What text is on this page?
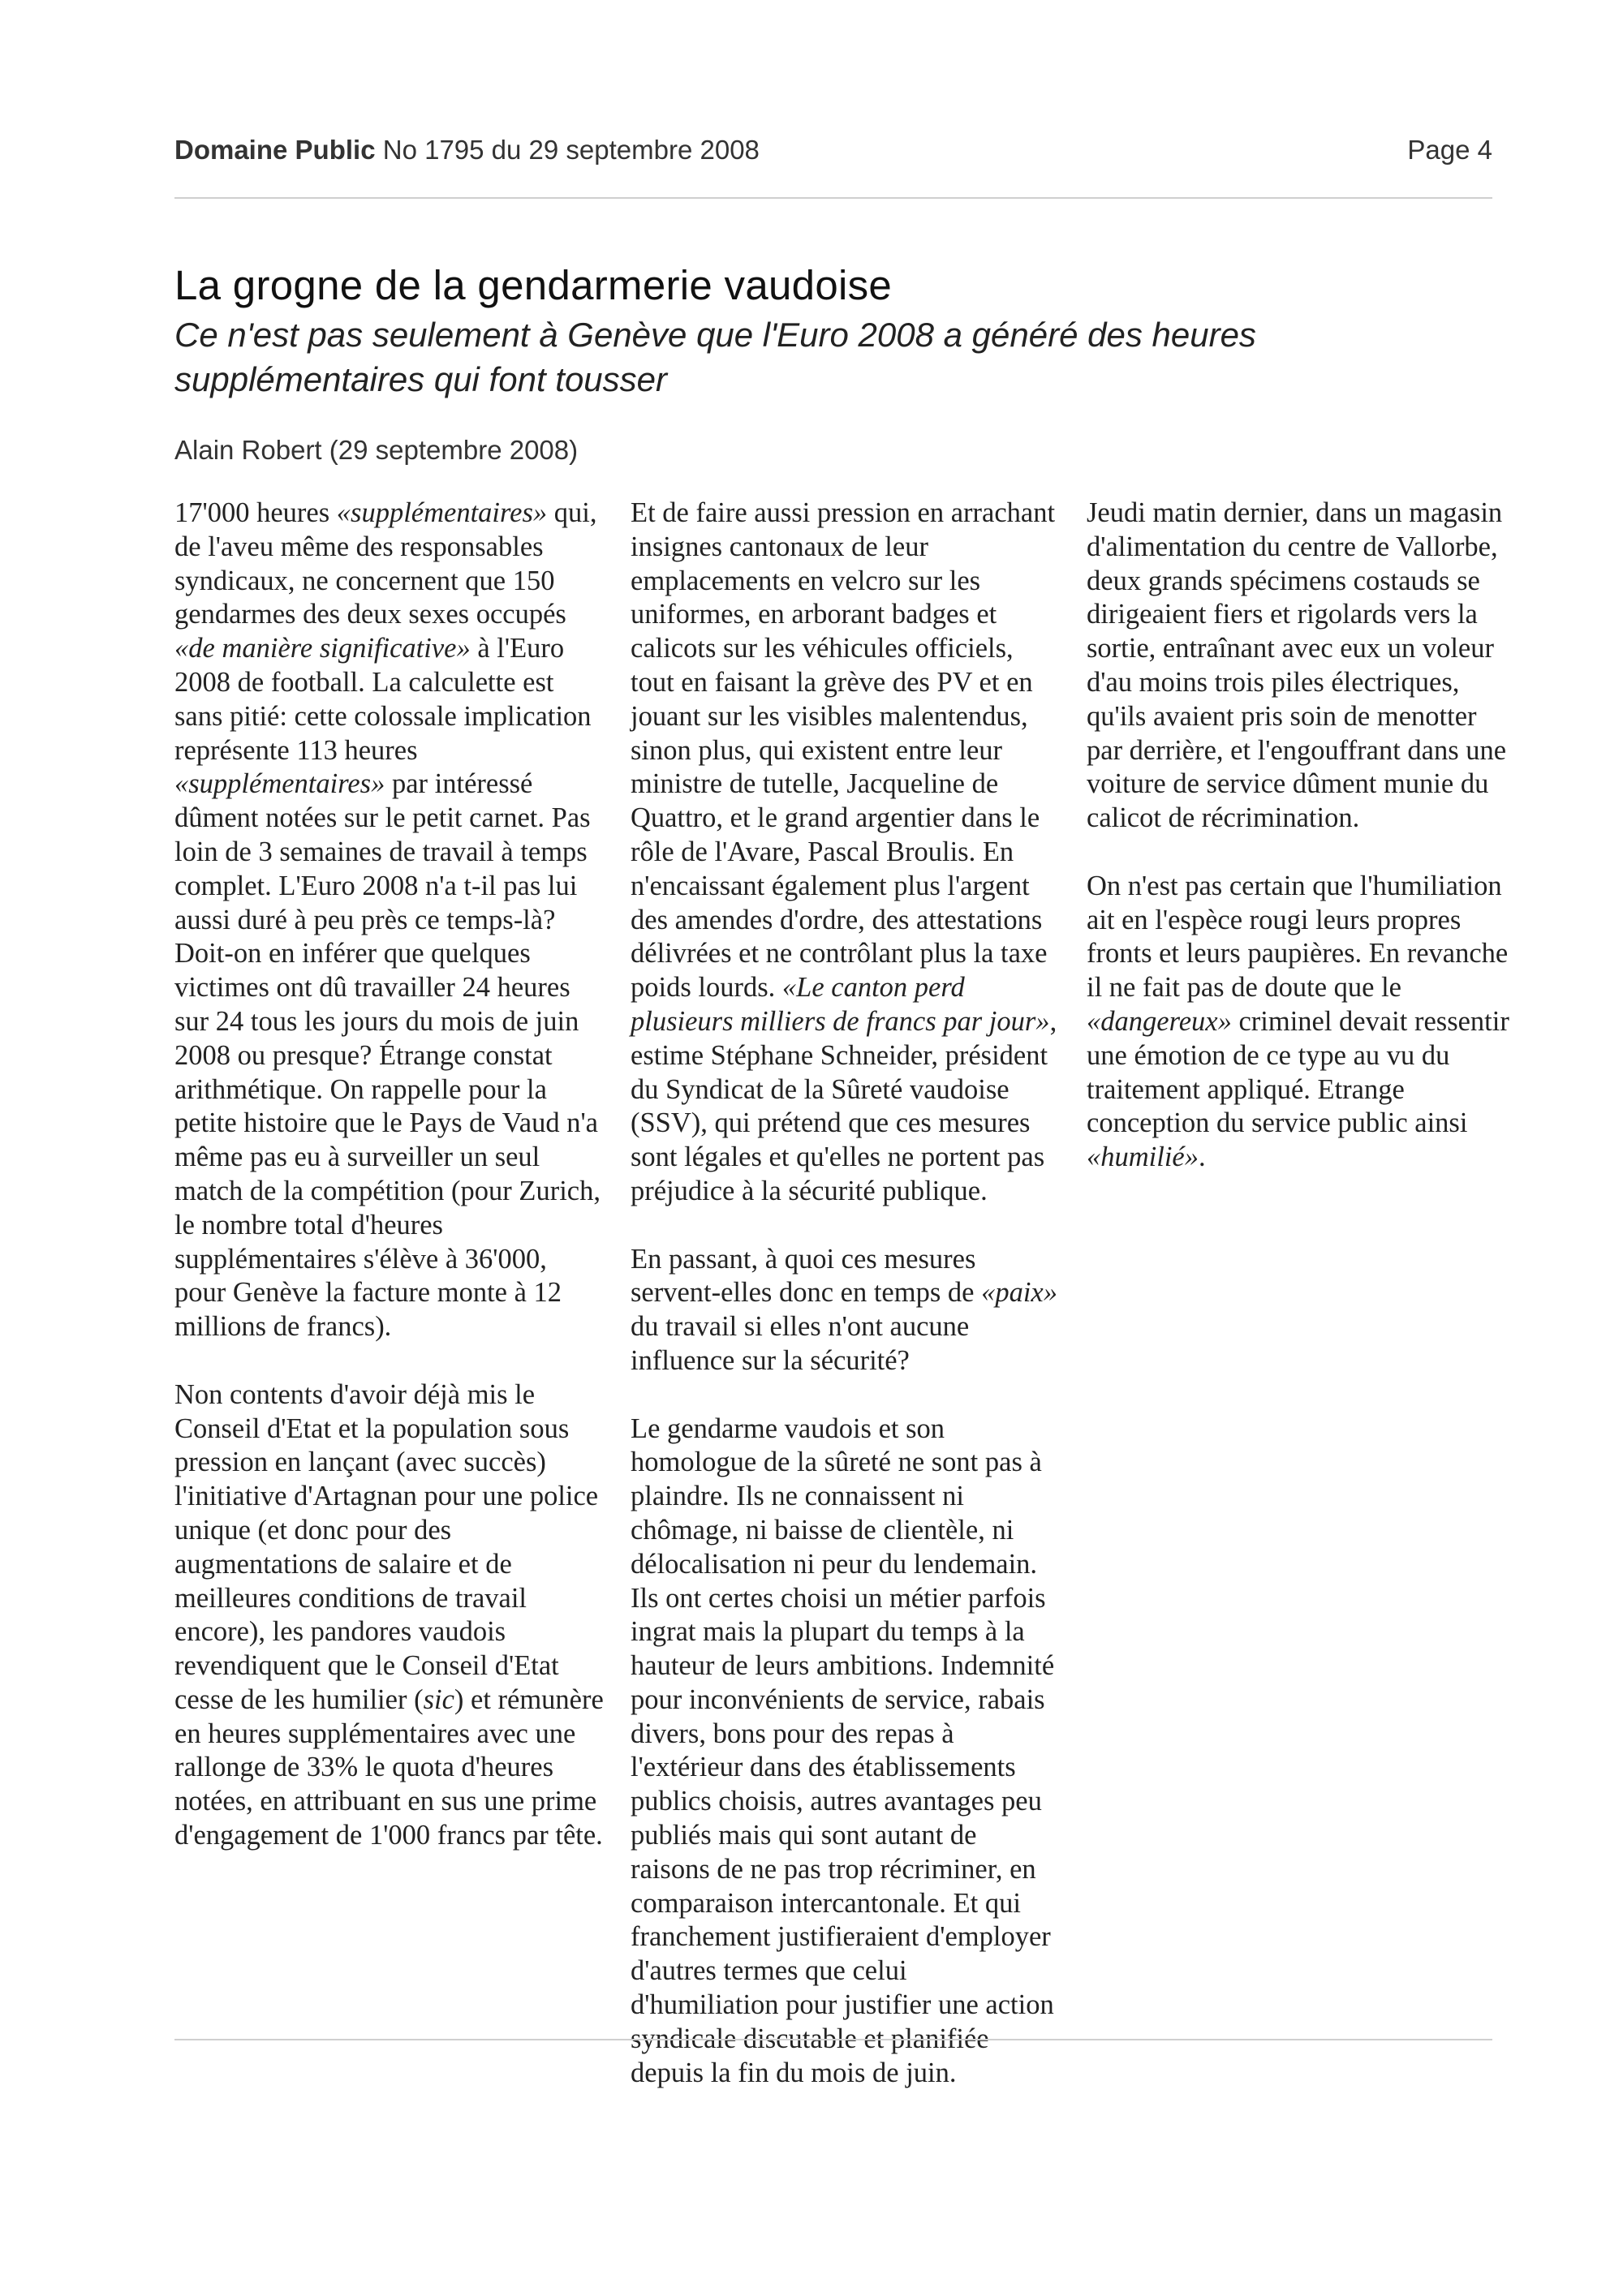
Domaine Public No 1795 du 29 septembre 2008	Page 4
La grogne de la gendarmerie vaudoise
Ce n'est pas seulement à Genève que l'Euro 2008 a généré des heures supplémentaires qui font tousser
Alain Robert (29 septembre 2008)

17'000 heures «supplémentaires» qui, de l'aveu même des responsables syndicaux, ne concernent que 150 gendarmes des deux sexes occupés «de manière significative» à l'Euro 2008 de football. La calculette est sans pitié: cette colossale implication représente 113 heures «supplémentaires» par intéressé dûment notées sur le petit carnet. Pas loin de 3 semaines de travail à temps complet. L'Euro 2008 n'a t-il pas lui aussi duré à peu près ce temps-là? Doit-on en inférer que quelques victimes ont dû travailler 24 heures sur 24 tous les jours du mois de juin 2008 ou presque? Étrange constat arithmétique. On rappelle pour la petite histoire que le Pays de Vaud n'a même pas eu à surveiller un seul match de la compétition (pour Zurich, le nombre total d'heures supplémentaires s'élève à 36'000, pour Genève la facture monte à 12 millions de francs).

Non contents d'avoir déjà mis le Conseil d'Etat et la population sous pression en lançant (avec succès) l'initiative d'Artagnan pour une police unique (et donc pour des augmentations de salaire et de meilleures conditions de travail encore), les pandores vaudois revendiquent que le Conseil d'Etat cesse de les humilier (sic) et rémunère en heures supplémentaires avec une rallonge de 33% le quota d'heures notées, en attribuant en sus une prime d'engagement de 1'000 francs par tête.

Et de faire aussi pression en arrachant insignes cantonaux de leur emplacements en velcro sur les uniformes, en arborant badges et calicots sur les véhicules officiels, tout en faisant la grève des PV et en jouant sur les visibles malentendus, sinon plus, qui existent entre leur ministre de tutelle, Jacqueline de Quattro, et le grand argentier dans le rôle de l'Avare, Pascal Broulis. En n'encaissant également plus l'argent des amendes d'ordre, des attestations délivrées et ne contrôlant plus la taxe poids lourds. «Le canton perd plusieurs milliers de francs par jour», estime Stéphane Schneider, président du Syndicat de la Sûreté vaudoise (SSV), qui prétend que ces mesures sont légales et qu'elles ne portent pas préjudice à la sécurité publique.

En passant, à quoi ces mesures servent-elles donc en temps de «paix» du travail si elles n'ont aucune influence sur la sécurité?

Le gendarme vaudois et son homologue de la sûreté ne sont pas à plaindre. Ils ne connaissent ni chômage, ni baisse de clientèle, ni délocalisation ni peur du lendemain. Ils ont certes choisi un métier parfois ingrat mais la plupart du temps à la hauteur de leurs ambitions. Indemnité pour inconvénients de service, rabais divers, bons pour des repas à l'extérieur dans des établissements publics choisis, autres avantages peu publiés mais qui sont autant de raisons de ne pas trop récriminer, en comparaison intercantonale. Et qui franchement justifieraient d'employer d'autres termes que celui d'humiliation pour justifier une action syndicale discutable et planifiée depuis la fin du mois de juin.

Jeudi matin dernier, dans un magasin d'alimentation du centre de Vallorbe, deux grands spécimens costauds se dirigeaient fiers et rigolards vers la sortie, entraînant avec eux un voleur d'au moins trois piles électriques, qu'ils avaient pris soin de menotter par derrière, et l'engouffrant dans une voiture de service dûment munie du calicot de récrimination.

On n'est pas certain que l'humiliation ait en l'espèce rougi leurs propres fronts et leurs paupières. En revanche il ne fait pas de doute que le «dangereux» criminel devait ressentir une émotion de ce type au vu du traitement appliqué. Etrange conception du service public ainsi «humilié».
